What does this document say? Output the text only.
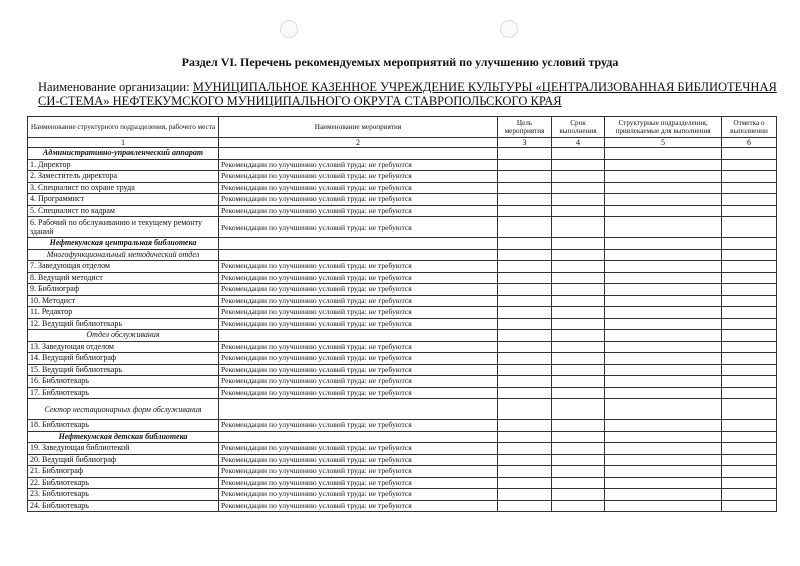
Раздел VI. Перечень рекомендуемых мероприятий по улучшению условий труда
Наименование организации: МУНИЦИПАЛЬНОЕ КАЗЕННОЕ УЧРЕЖДЕНИЕ КУЛЬТУРЫ «ЦЕНТРАЛИЗОВАННАЯ БИБЛИОТЕЧНАЯ СИ-СТЕМА» НЕФТЕКУМСКОГО МУНИЦИПАЛЬНОГО ОКРУГА СТАВРОПОЛЬСКОГО КРАЯ
Наименование структурного подразделения, рабочего места	Наименование мероприятия	Цель мероприятия	Срок выполнения	Структурные подразделения, привлекаемые для выполнения	Отметка о выполнении
1	2	3	4	5	6
Административно-управленческий аппарат					
1. Директор	Рекомендации по улучшению условий труда: не требуются				
2. Заместитель директора	Рекомендации по улучшению условий труда: не требуются				
3. Специалист по охране труда	Рекомендации по улучшению условий труда: не требуются				
4. Программист	Рекомендации по улучшению условий труда: не требуются				
5. Специалист по кадрам	Рекомендации по улучшению условий труда: не требуются				
6. Рабочий по обслуживанию и текущему ремонту зданий	Рекомендации по улучшению условий труда: не требуются				
Нефтекумская центральная библиотека					
Многофункциональный методический отдел					
7. Заведующая отделом	Рекомендации по улучшению условий труда: не требуются				
8. Ведущий методист	Рекомендации по улучшению условий труда: не требуются				
9. Библиограф	Рекомендации по улучшению условий труда: не требуются				
10. Методист	Рекомендации по улучшению условий труда: не требуются				
11. Редактор	Рекомендации по улучшению условий труда: не требуются				
12. Ведущий библиотекарь	Рекомендации по улучшению условий труда: не требуются				
Отдел обслуживания					
13. Заведующая отделом	Рекомендации по улучшению условий труда: не требуются				
14. Ведущий библиограф	Рекомендации по улучшению условий труда: не требуются				
15. Ведущий библиотекарь	Рекомендации по улучшению условий труда: не требуются				
16. Библиотекарь	Рекомендации по улучшению условий труда: не требуются				
17. Библиотекарь	Рекомендации по улучшению условий труда: не требуются				
Сектор нестационарных форм обслуживания					
18. Библиотекарь	Рекомендации по улучшению условий труда: не требуются				
Нефтекумская детская библиотека					
19. Заведующая библиотекой	Рекомендации по улучшению условий труда: не требуются				
20. Ведущий библиограф	Рекомендации по улучшению условий труда: не требуются				
21. Библиограф	Рекомендации по улучшению условий труда: не требуются				
22. Библиотекарь	Рекомендации по улучшению условий труда: не требуются				
23. Библиотекарь	Рекомендации по улучшению условий труда: не требуются				
24. Библиотекарь	Рекомендации по улучшению условий труда: не требуются				
